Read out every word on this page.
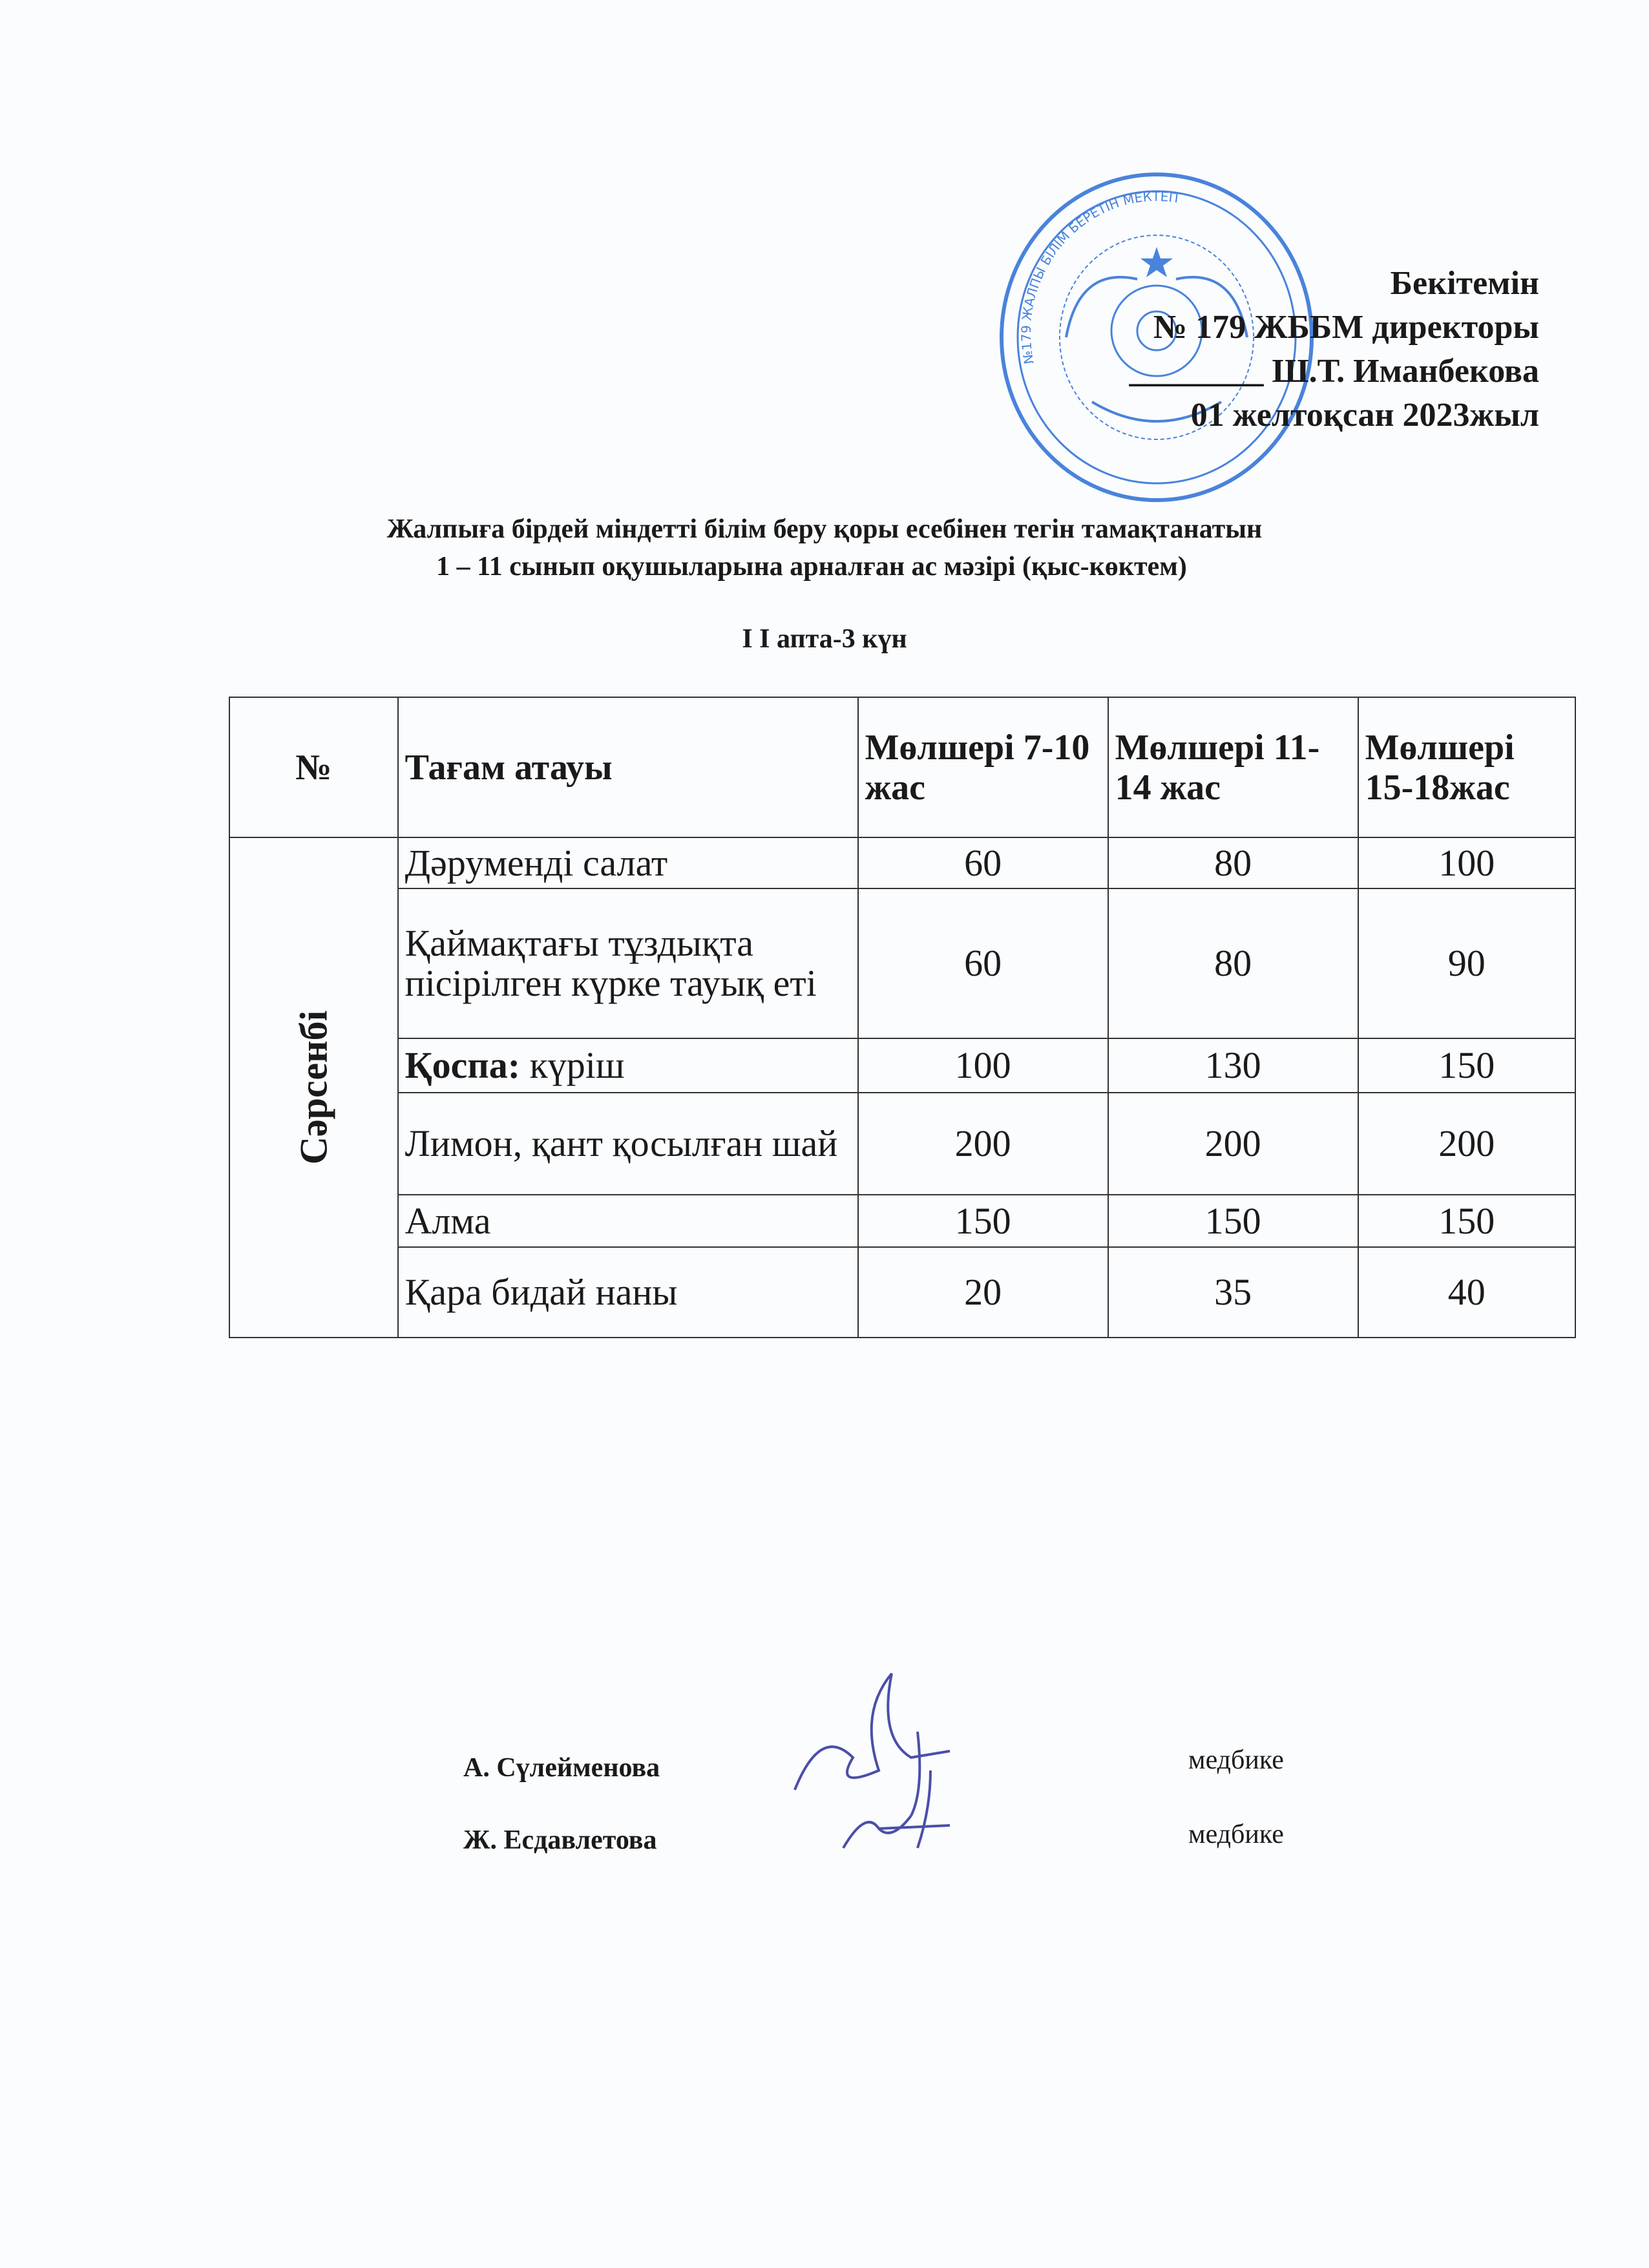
№179 ЖАЛПЫ БІЛІМ БЕРЕТІН МЕКТЕП
Бекітемін
№ 179 ЖББМ директоры
________ Ш.Т. Иманбекова
01 желтоқсан 2023жыл
Жалпыға бірдей міндетті білім беру қоры есебінен тегін тамақтанатын
1 – 11 сынып оқушыларына арналған ас мәзірі (қыс-көктем)
I I апта-3 күн
№	Тағам атауы	Мөлшері 7-10 жас	Мөлшері 11-14 жас	Мөлшері 15-18жас
Сәрсенбі	Дәруменді салат	60	80	100
	Қаймақтағы тұздықта пісірілген күрке тауық еті	60	80	90
	Қоспа: күріш	100	130	150
	Лимон, қант қосылған шай	200	200	200
	Алма	150	150	150
	Қара бидай наны	20	35	40
А. Сүлейменова	медбике
Ж. Есдавлетова	медбике
